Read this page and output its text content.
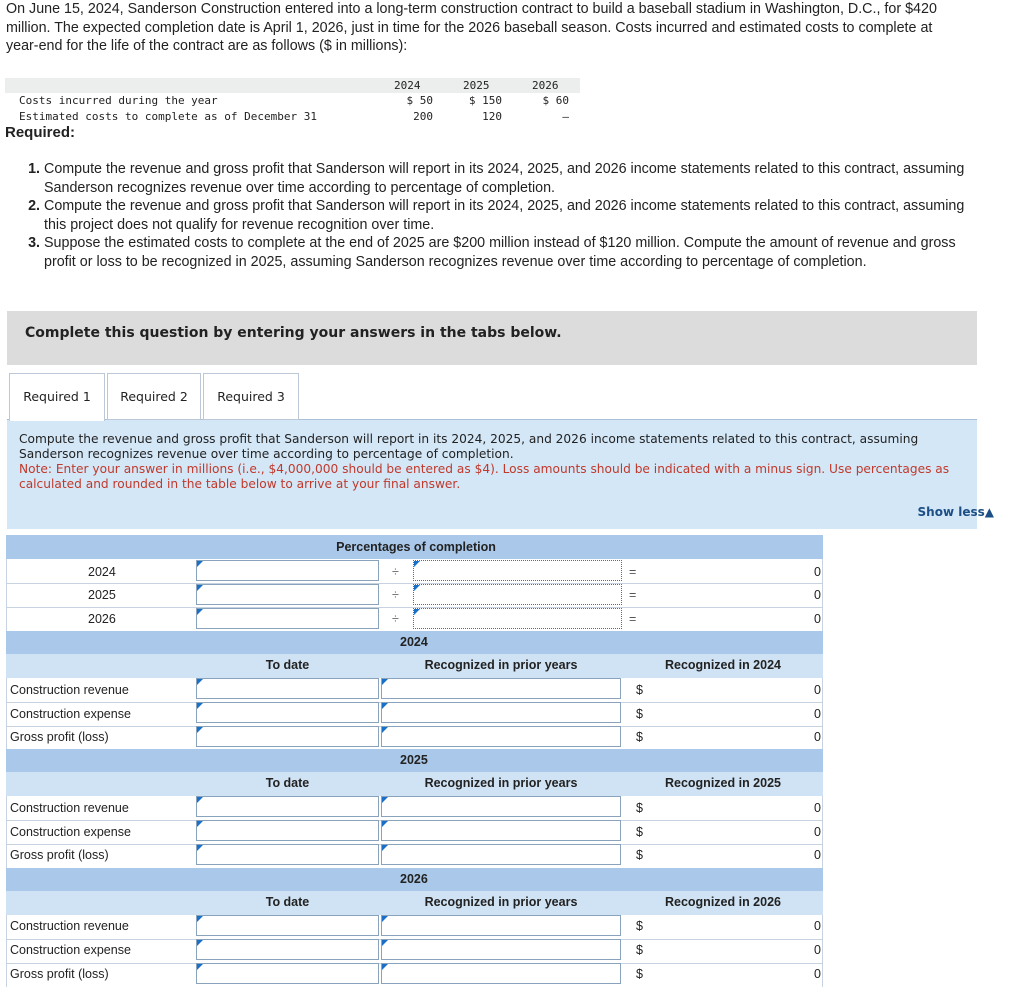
On June 15, 2024, Sanderson Construction entered into a long-term construction contract to build a baseball stadium in Washington, D.C., for $420 million. The expected completion date is April 1, 2026, just in time for the 2026 baseball season. Costs incurred and estimated costs to complete at year-end for the life of the contract are as follows ($ in millions):

2024	2025	2026
Costs incurred during the year	$ 50	$ 150	$ 60
Estimated costs to complete as of December 31	200	120	–
Required:
1. Compute the revenue and gross profit that Sanderson will report in its 2024, 2025, and 2026 income statements related to this contract, assuming Sanderson recognizes revenue over time according to percentage of completion.
2. Compute the revenue and gross profit that Sanderson will report in its 2024, 2025, and 2026 income statements related to this contract, assuming this project does not qualify for revenue recognition over time.
3. Suppose the estimated costs to complete at the end of 2025 are $200 million instead of $120 million. Compute the amount of revenue and gross profit or loss to be recognized in 2025, assuming Sanderson recognizes revenue over time according to percentage of completion.
Complete this question by entering your answers in the tabs below.
Required 1	Required 2	Required 3
Compute the revenue and gross profit that Sanderson will report in its 2024, 2025, and 2026 income statements related to this contract, assuming Sanderson recognizes revenue over time according to percentage of completion.
Note: Enter your answer in millions (i.e., $4,000,000 should be entered as $4). Loss amounts should be indicated with a minus sign. Use percentages as calculated and rounded in the table below to arrive at your final answer.
Show less▲
Percentages of completion
2024	÷	=	0
2025	÷	=	0
2026	÷	=	0
2024
To date	Recognized in prior years	Recognized in 2024
Construction revenue	$	0
Construction expense	$	0
Gross profit (loss)	$	0
2025
To date	Recognized in prior years	Recognized in 2025
Construction revenue	$	0
Construction expense	$	0
Gross profit (loss)	$	0
2026
To date	Recognized in prior years	Recognized in 2026
Construction revenue	$	0
Construction expense	$	0
Gross profit (loss)	$	0
